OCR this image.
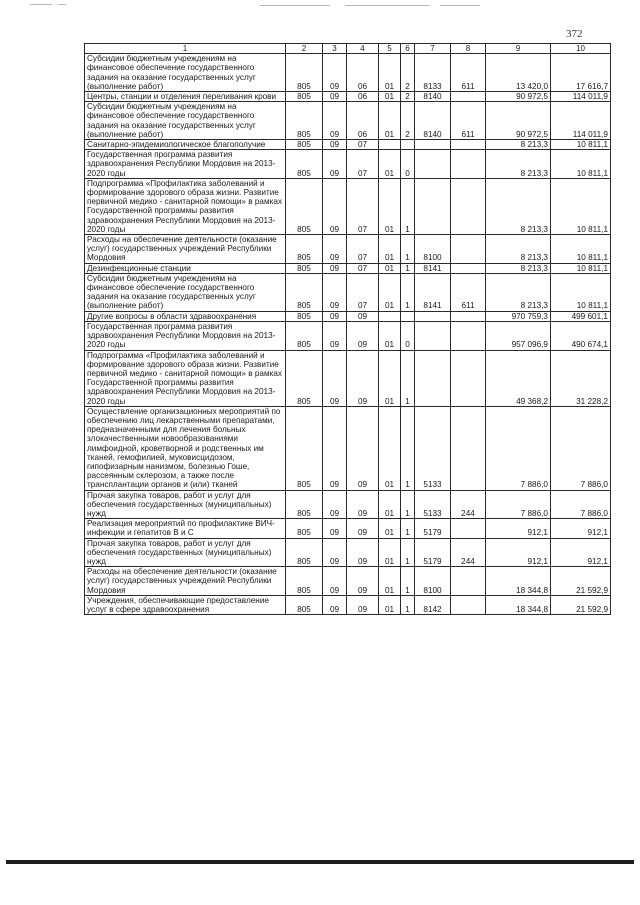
372
1	2	3	4	5	6	7	8	9	10
Субсидии бюджетным учреждениям на финансовое обеспечение государственного задания на оказание государственных услуг (выполнение работ)	805	09	06	01	2	8133	611	13 420,0	17 616,7
Центры, станции и отделения переливания крови	805	09	06	01	2	8140		90 972,5	114 011,9
Субсидии бюджетным учреждениям на финансовое обеспечение государственного задания на оказание государственных услуг (выполнение работ)	805	09	06	01	2	8140	611	90 972,5	114 011,9
Санитарно-эпидемиологическое благополучие	805	09	07					8 213,3	10 811,1
Государственная программа развития здравоохранения Республики Мордовия на 2013-2020 годы	805	09	07	01	0			8 213,3	10 811,1
Подпрограмма «Профилактика заболеваний и формирование здорового образа жизни. Развитие первичной медико - санитарной помощи» в рамках Государственной программы развития здравоохранения Республики Мордовия на 2013-2020 годы	805	09	07	01	1			8 213,3	10 811,1
Расходы на обеспечение деятельности (оказание услуг) государственных учреждений Республики Мордовия	805	09	07	01	1	8100		8 213,3	10 811,1
Дезинфекционные станции	805	09	07	01	1	8141		8 213,3	10 811,1
Субсидии бюджетным учреждениям на финансовое обеспечение государственного задания на оказание государственных услуг (выполнение работ)	805	09	07	01	1	8141	611	8 213,3	10 811,1
Другие вопросы в области здравоохранения	805	09	09					970 759,3	499 601,1
Государственная программа развития здравоохранения Республики Мордовия на 2013-2020 годы	805	09	09	01	0			957 096,9	490 674,1
Подпрограмма «Профилактика заболеваний и формирование здорового образа жизни. Развитие первичной медико - санитарной помощи» в рамках Государственной программы развития здравоохранения Республики Мордовия на 2013-2020 годы	805	09	09	01	1			49 368,2	31 228,2
Осуществление организационных мероприятий по обеспечению лиц лекарственными препаратами, предназначенными для лечения больных злокачественными новообразованиями лимфоидной, кроветворной и родственных им тканей, гемофилией, муковисцидозом, гипофизарным нанизмом, болезнью Гоше, рассеянным склерозом, а также после трансплантации органов и (или) тканей	805	09	09	01	1	5133		7 886,0	7 886,0
Прочая закупка товаров, работ и услуг для обеспечения государственных (муниципальных) нужд	805	09	09	01	1	5133	244	7 886,0	7 886,0
Реализация мероприятий по профилактике ВИЧ-инфекции и гепатитов В и С	805	09	09	01	1	5179		912,1	912,1
Прочая закупка товаров, работ и услуг для обеспечения государственных (муниципальных) нужд	805	09	09	01	1	5179	244	912,1	912,1
Расходы на обеспечение деятельности (оказание услуг) государственных учреждений Республики Мордовия	805	09	09	01	1	8100		18 344,8	21 592,9
Учреждения, обеспечивающие предоставление услуг в сфере здравоохранения	805	09	09	01	1	8142		18 344,8	21 592,9
